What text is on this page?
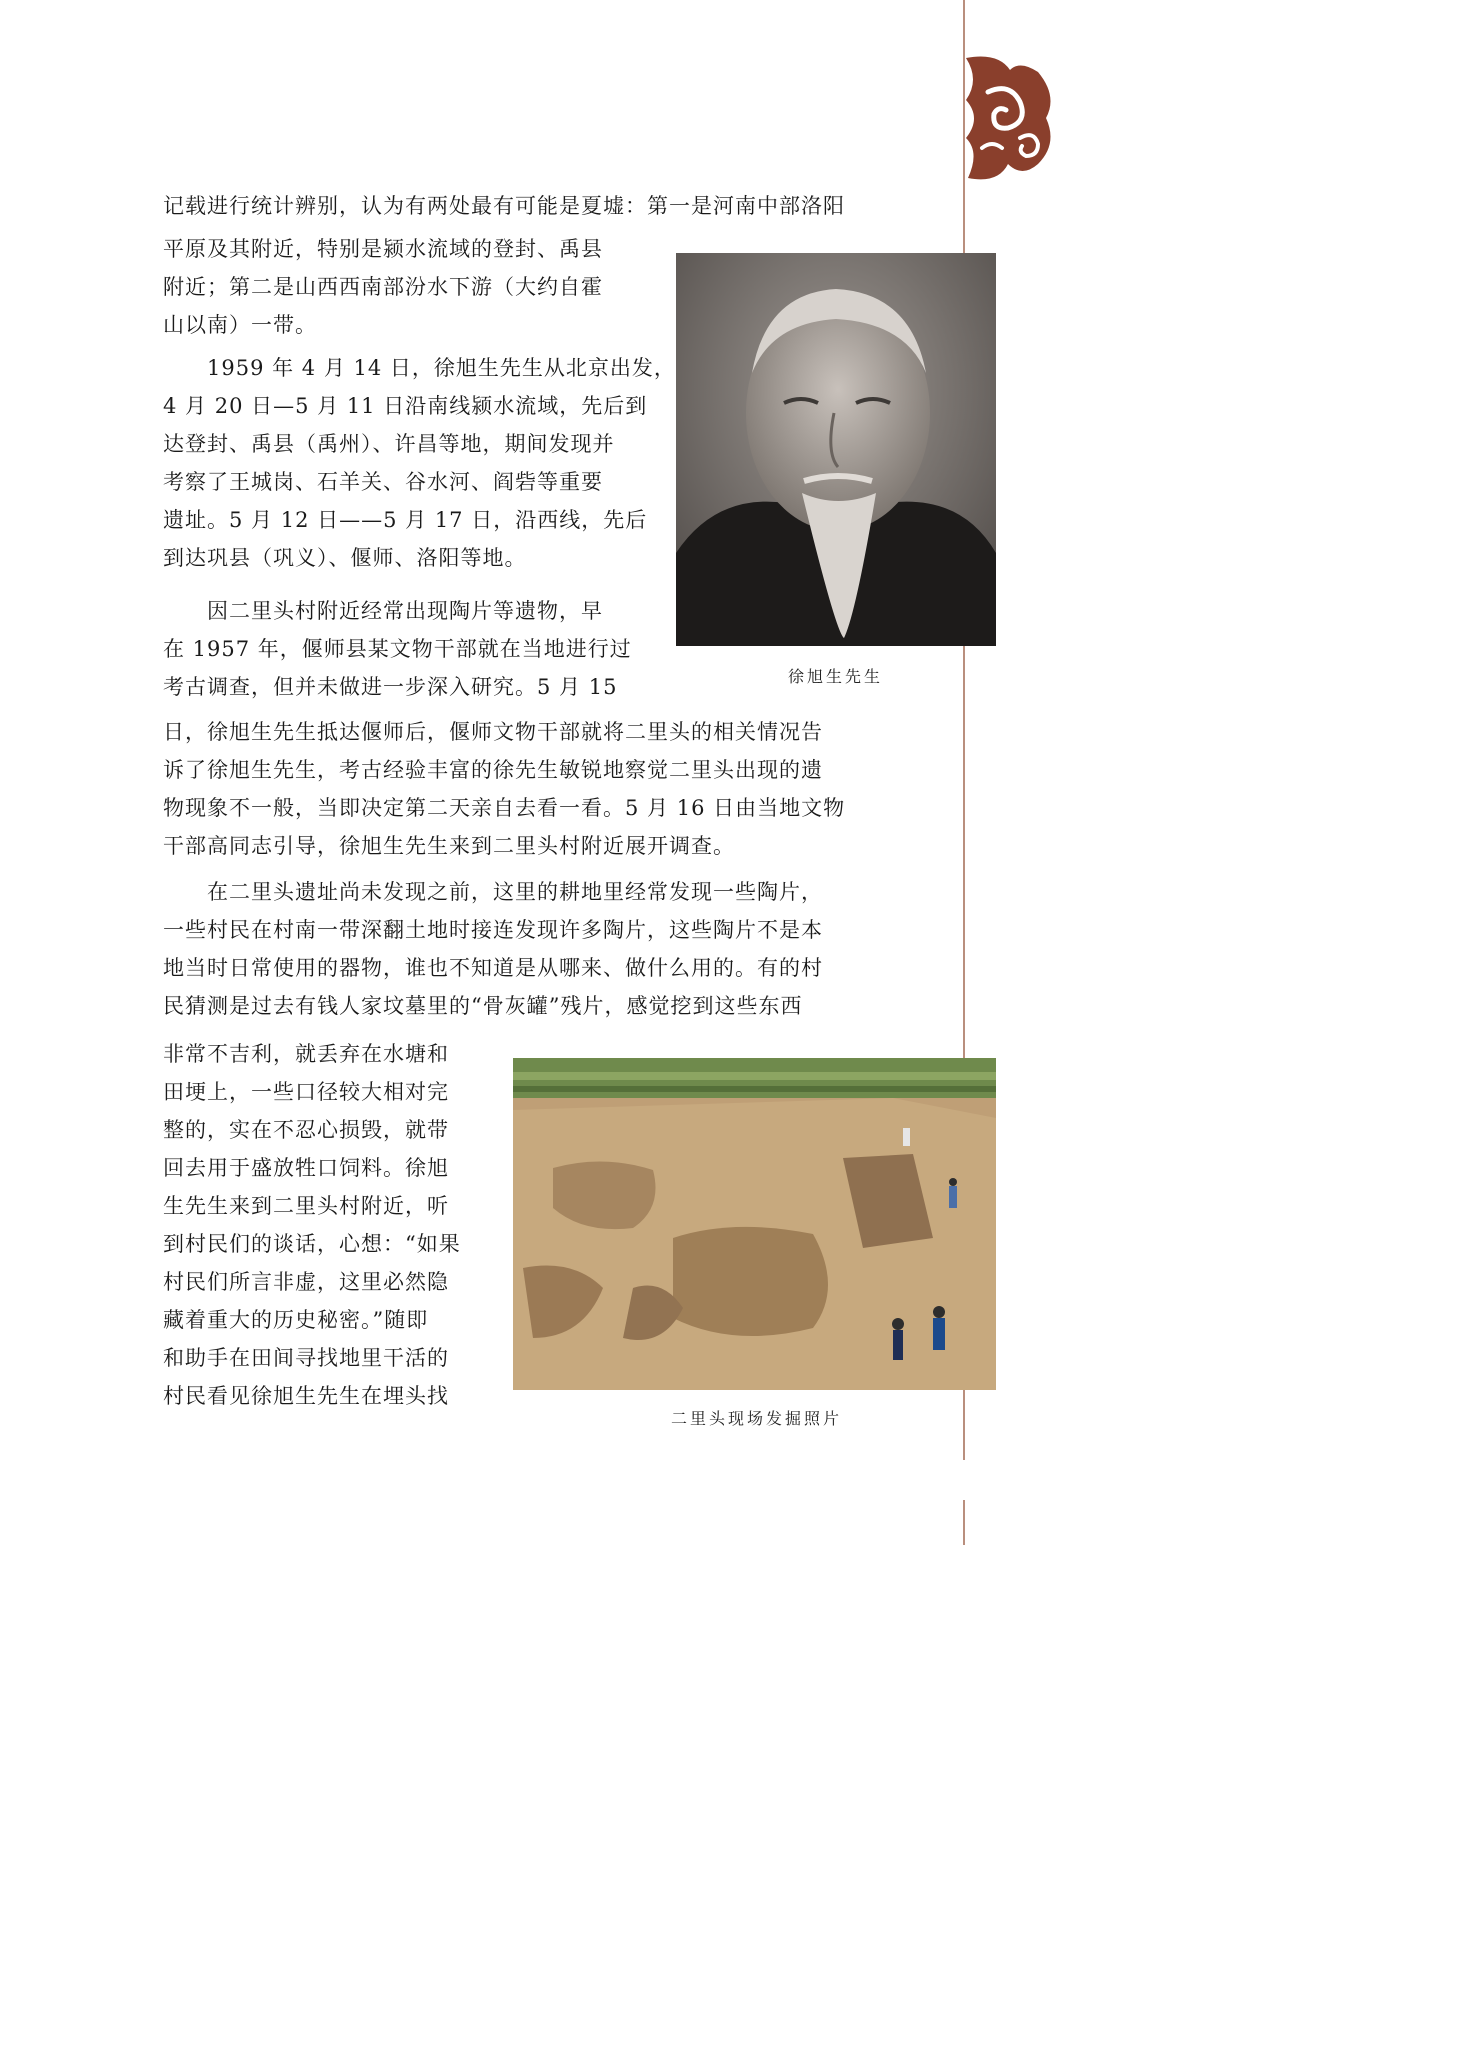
记载进行统计辨别，认为有两处最有可能是夏墟：第一是河南中部洛阳

平原及其附近，特别是颍水流域的登封、禹县

附近；第二是山西西南部汾水下游（大约自霍

山以南）一带。

1959 年 4 月 14 日，徐旭生先生从北京出发，

4 月 20 日—5 月 11 日沿南线颍水流域，先后到

达登封、禹县（禹州）、许昌等地，期间发现并

考察了王城岗、石羊关、谷水河、阎砦等重要

遗址。5 月 12 日——5 月 17 日，沿西线，先后

到达巩县（巩义）、偃师、洛阳等地。

因二里头村附近经常出现陶片等遗物，早

在 1957 年，偃师县某文物干部就在当地进行过

考古调查，但并未做进一步深入研究。5 月 15

日，徐旭生先生抵达偃师后，偃师文物干部就将二里头的相关情况告

诉了徐旭生先生，考古经验丰富的徐先生敏锐地察觉二里头出现的遗

物现象不一般，当即决定第二天亲自去看一看。5 月 16 日由当地文物

干部高同志引导，徐旭生先生来到二里头村附近展开调查。

在二里头遗址尚未发现之前，这里的耕地里经常发现一些陶片，

一些村民在村南一带深翻土地时接连发现许多陶片，这些陶片不是本

地当时日常使用的器物，谁也不知道是从哪来、做什么用的。有的村

民猜测是过去有钱人家坟墓里的“骨灰罐”残片，感觉挖到这些东西

非常不吉利，就丢弃在水塘和

田埂上，一些口径较大相对完

整的，实在不忍心损毁，就带

回去用于盛放牲口饲料。徐旭

生先生来到二里头村附近，听

到村民们的谈话，心想：“如果

村民们所言非虚，这里必然隐

藏着重大的历史秘密。”随即

和助手在田间寻找地里干活的

村民看见徐旭生先生在埋头找

徐旭生先生
二里头现场发掘照片
